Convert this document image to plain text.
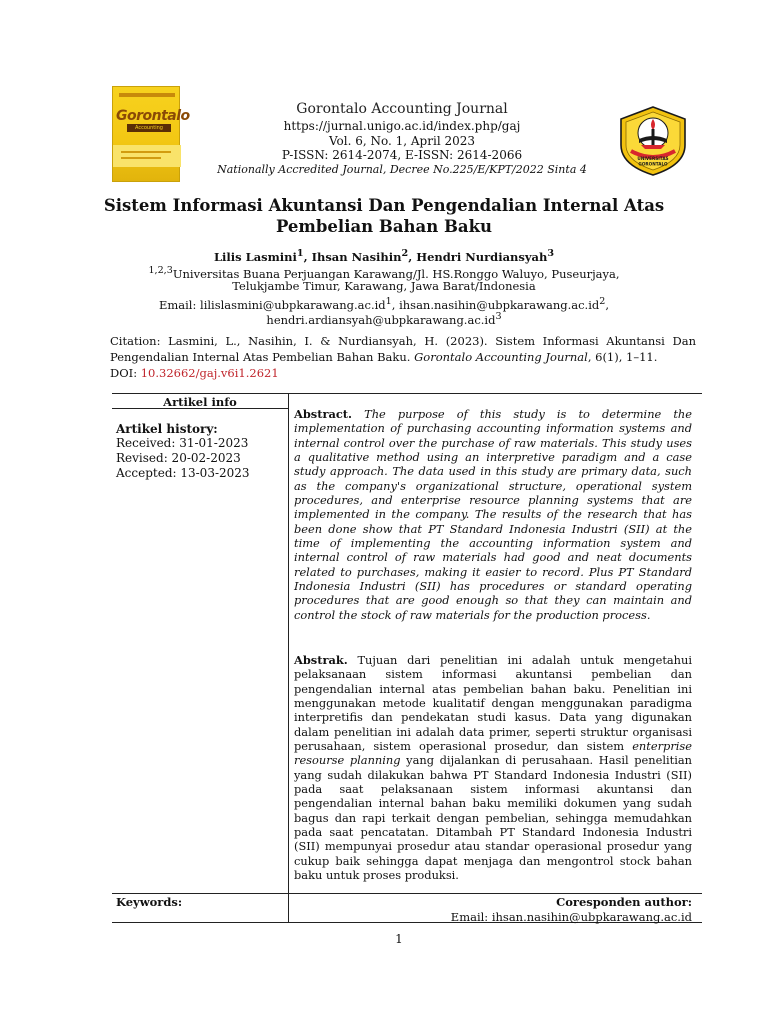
Gorontalo
Accounting
Gorontalo Accounting Journal
https://jurnal.unigo.ac.id/index.php/gaj
Vol. 6, No. 1, April 2023
P-ISSN: 2614-2074, E-ISSN: 2614-2066
Nationally Accredited Journal, Decree No.225/E/KPT/2022 Sinta 4
UNIVERSITAS
GORONTALO
Sistem Informasi Akuntansi Dan Pengendalian Internal Atas
Pembelian Bahan Baku
Lilis Lasmini$^1$, Ihsan Nasihin$^2$, Hendri Nurdiansyah$^3$
$^{1,2,3}$Universitas Buana Perjuangan Karawang/Jl. HS.Ronggo Waluyo, Puseurjaya,
Telukjambe Timur, Karawang, Jawa Barat/Indonesia
Email: $lilislasmini@ubpkarawang.ac.id^1$, $ihsan.nasihin@ubpkarawang.ac.id^2$,
$hendri.ardiansyah@ubpkarawang.ac.id^3$
Citation: Lasmini, L., Nasihin, I. & Nurdiansyah, H. (2023). Sistem Informasi Akuntansi Dan Pengendalian Internal Atas Pembelian Bahan Baku. Gorontalo Accounting Journal, 6(1), 1–11.
DOI: 10.32662/gaj.v6i1.2621
Artikel info
Artikel history:
Received: 31-01-2023
Revised: 20-02-2023
Accepted: 13-03-2023

Abstract. The purpose of this study is to determine the implementation of purchasing accounting information systems and internal control over the purchase of raw materials. This study uses a qualitative method using an interpretive paradigm and a case study approach. The data used in this study are primary data, such as the company's organizational structure, operational system procedures, and enterprise resource planning systems that are implemented in the company. The results of the research that has been done show that PT Standard Indonesia Industri (SII) at the time of implementing the accounting information system and internal control of raw materials had good and neat documents related to purchases, making it easier to record. Plus PT Standard Indonesia Industri (SII) has procedures or standard operating procedures that are good enough so that they can maintain and control the stock of raw materials for the production process.

Abstrak. Tujuan dari penelitian ini adalah untuk mengetahui pelaksanaan sistem informasi akuntansi pembelian dan pengendalian internal atas pembelian bahan baku. Penelitian ini menggunakan metode kualitatif dengan menggunakan paradigma interpretifis dan pendekatan studi kasus. Data yang digunakan dalam penelitian ini adalah data primer, seperti struktur organisasi perusahaan, sistem operasional prosedur, dan sistem enterprise resourse planning yang dijalankan di perusahaan. Hasil penelitian yang sudah dilakukan bahwa PT Standard Indonesia Industri (SII) pada saat pelaksanaan sistem informasi akuntansi dan pengendalian internal bahan baku memiliki dokumen yang sudah bagus dan rapi terkait dengan pembelian, sehingga memudahkan pada saat pencatatan. Ditambah PT Standard Indonesia Industri (SII) mempunyai prosedur atau standar operasional prosedur yang cukup baik sehingga dapat menjaga dan mengontrol stock bahan baku untuk proses produksi.

Keywords:	Coresponden author:
Email: ihsan.nasihin@ubpkarawang.ac.id
1
